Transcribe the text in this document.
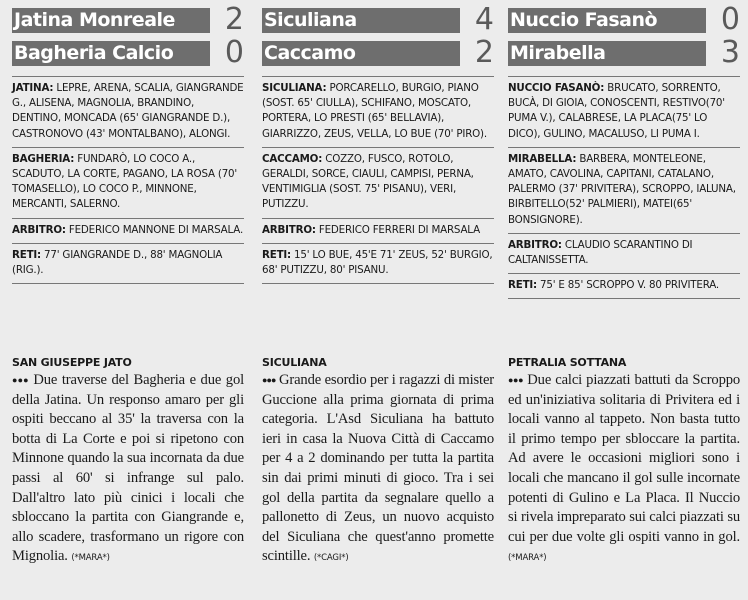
Jatina Monreale	2
Bagheria Calcio	0
JATINA: LEPRE, ARENA, SCALIA, GIANGRANDE G., ALISENA, MAGNOLIA, BRANDINO, DENTINO, MONCADA (65' GIANGRANDE D.), CASTRONOVO (43' MONTALBANO), ALONGI.
BAGHERIA: FUNDARÒ, LO COCO A., SCADUTO, LA CORTE, PAGANO, LA ROSA (70' TOMASELLO), LO COCO P., MINNONE, MERCANTI, SALERNO.
ARBITRO: FEDERICO MANNONE DI MARSALA.
RETI: 77' GIANGRANDE D., 88' MAGNOLIA (RIG.).
Siculiana	4
Caccamo	2
SICULIANA: PORCARELLO, BURGIO, PIANO (SOST. 65' CIULLA), SCHIFANO, MOSCATO, PORTERA, LO PRESTI (65' BELLAVIA), GIARRIZZO, ZEUS, VELLA, LO BUE (70' PIRO).
CACCAMO: COZZO, FUSCO, ROTOLO, GERALDI, SORCE, CIAULI, CAMPISI, PERNA, VENTIMIGLIA (SOST. 75' PISANU), VERI, PUTIZZU.
ARBITRO: FEDERICO FERRERI DI MARSALA
RETI: 15' LO BUE, 45'E 71' ZEUS, 52' BURGIO, 68' PUTIZZU, 80' PISANU.
Nuccio Fasanò	0
Mirabella	3
NUCCIO FASANÒ: BRUCATO, SORRENTO, BUCÀ, DI GIOIA, CONOSCENTI, RESTIVO(70' PUMA V.), CALABRESE, LA PLACA(75' LO DICO), GULINO, MACALUSO, LI PUMA I.
MIRABELLA: BARBERA, MONTELEONE, AMATO, CAVOLINA, CAPITANI, CATALANO, PALERMO (37' PRIVITERA), SCROPPO, IALUNA, BIRBITELLO(52' PALMIERI), MATEI(65' BONSIGNORE).
ARBITRO: CLAUDIO SCARANTINO DI CALTANISSETTA.
RETI: 75' E 85' SCROPPO V. 80 PRIVITERA.
SAN GIUSEPPE JATO
●●● Due traverse del Bagheria e due gol della Jatina. Un responso amaro per gli ospiti beccano al 35' la traversa con la botta di La Corte e poi si ripetono con Minnone quando la sua incornata da due passi al 60' si infrange sul palo. Dall'altro lato più cinici i locali che sbloccano la partita con Giangrande e, allo scadere, trasformano un rigore con Mignolia. (*MARA*)
SICULIANA
●●● Grande esordio per i ragazzi di mister Guccione alla prima giornata di prima categoria. L'Asd Siculiana ha battuto ieri in casa la Nuova Città di Caccamo per 4 a 2 dominando per tutta la partita sin dai primi minuti di gioco. Tra i sei gol della partita da segnalare quello a pallonetto di Zeus, un nuovo acquisto del Siculiana che quest'anno promette scintille. (*CAGI*)
PETRALIA SOTTANA
●●● Due calci piazzati battuti da Scroppo ed un'iniziativa solitaria di Privitera ed i locali vanno al tappeto. Non basta tutto il primo tempo per sbloccare la partita. Ad avere le occasioni migliori sono i locali che mancano il gol sulle incornate potenti di Gulino e La Placa. Il Nuccio si rivela impreparato sui calci piazzati su cui per due volte gli ospiti vanno in gol. (*MARA*)
